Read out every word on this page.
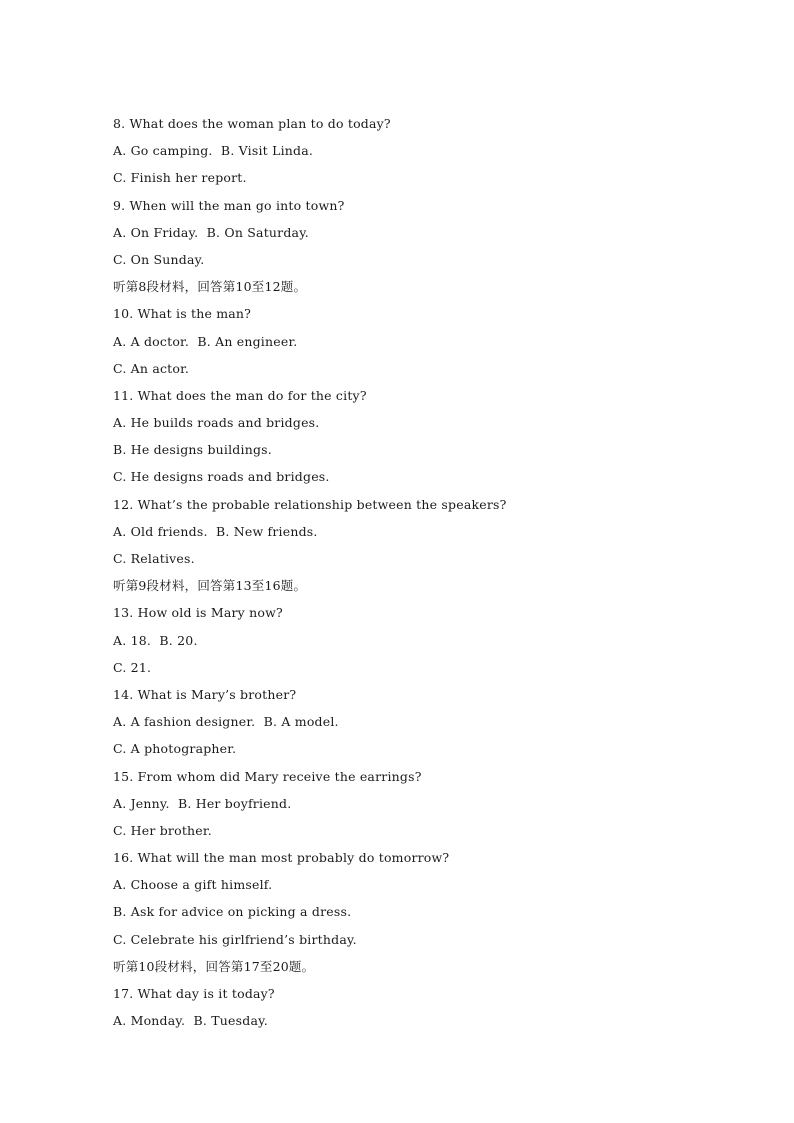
8. What does the woman plan to do today?
A. Go camping.  B. Visit Linda.
C. Finish her report.
9. When will the man go into town?
A. On Friday.  B. On Saturday.
C. On Sunday.
听第8段材料，回答第10至12题。
10. What is the man?
A. A doctor.  B. An engineer.
C. An actor.
11. What does the man do for the city?
A. He builds roads and bridges.
B. He designs buildings.
C. He designs roads and bridges.
12. What’s the probable relationship between the speakers?
A. Old friends.  B. New friends.
C. Relatives.
听第9段材料，回答第13至16题。
13. How old is Mary now?
A. 18.  B. 20.
C. 21.
14. What is Mary’s brother?
A. A fashion designer.  B. A model.
C. A photographer.
15. From whom did Mary receive the earrings?
A. Jenny.  B. Her boyfriend.
C. Her brother.
16. What will the man most probably do tomorrow?
A. Choose a gift himself.
B. Ask for advice on picking a dress.
C. Celebrate his girlfriend’s birthday.
听第10段材料，回答第17至20题。
17. What day is it today?
A. Monday.  B. Tuesday.
